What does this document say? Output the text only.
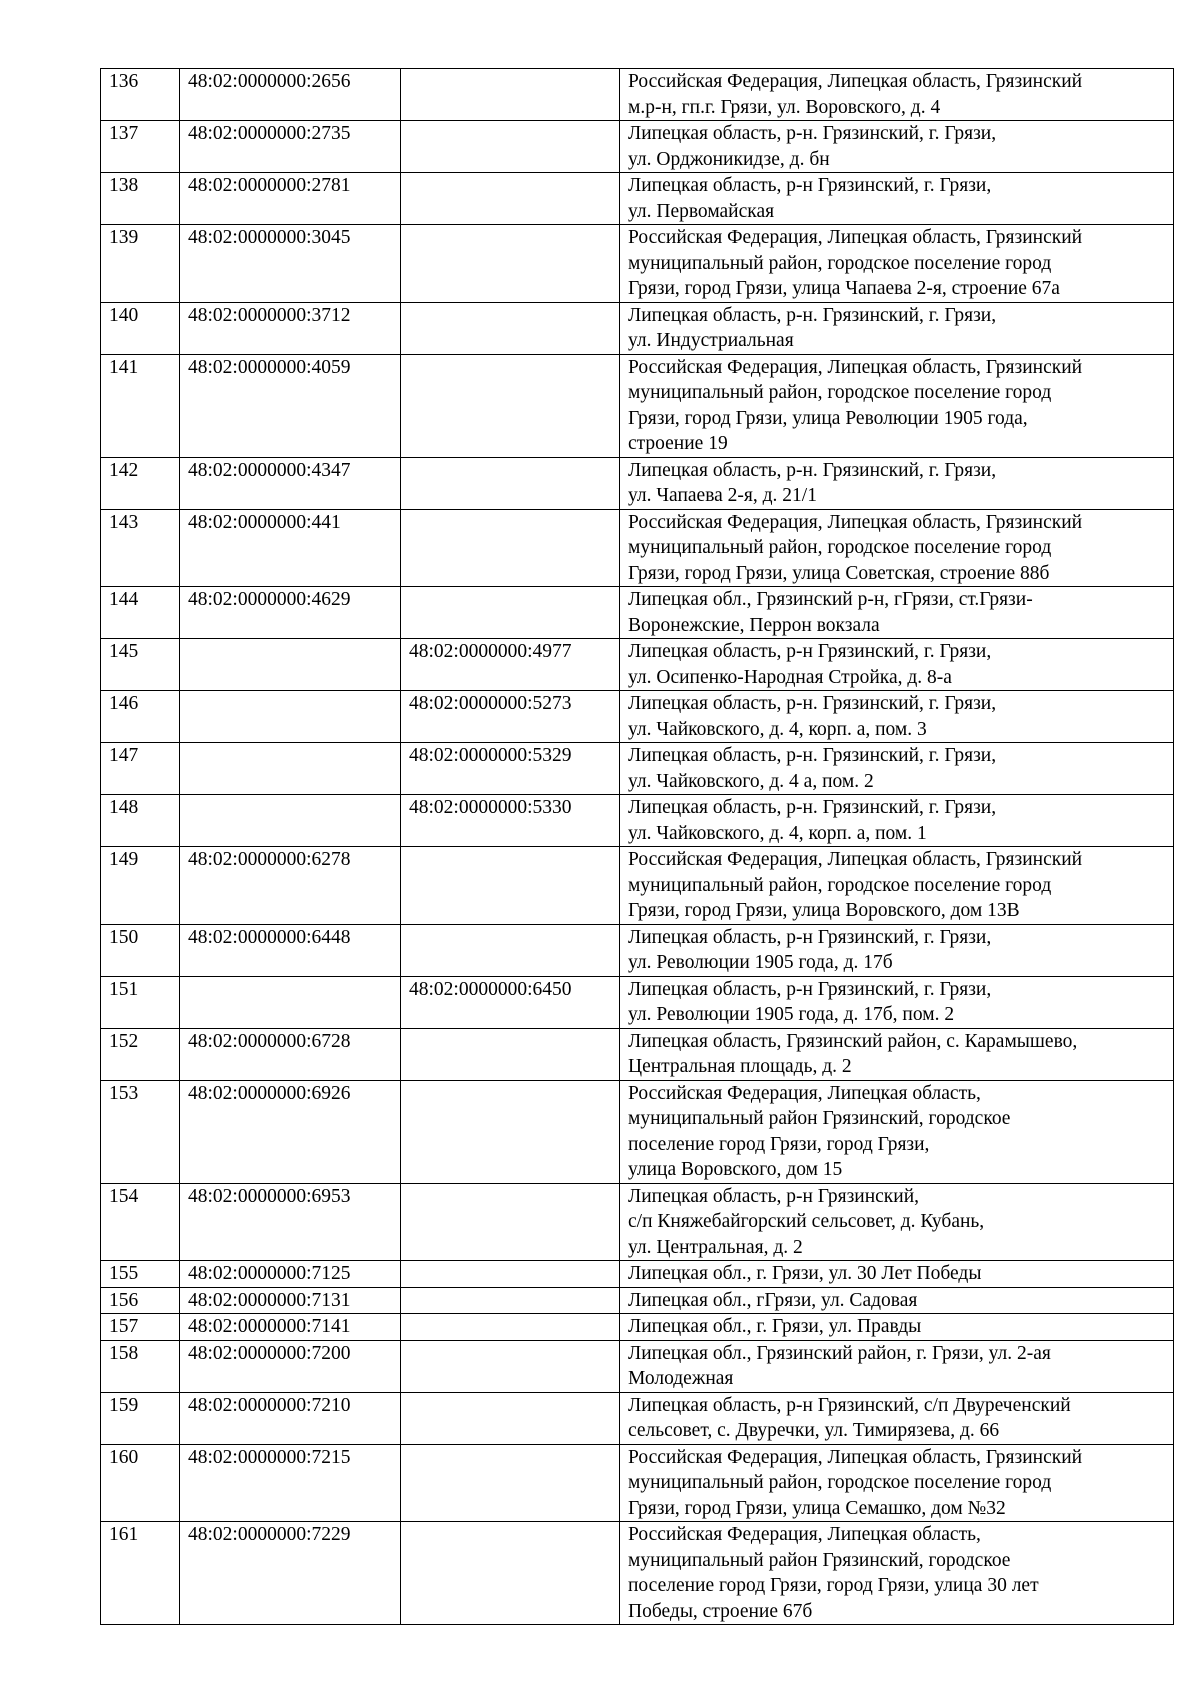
136	48:02:0000000:2656		Российская Федерация, Липецкая область, Грязинский
м.р-н, гп.г. Грязи, ул. Воровского, д. 4

137	48:02:0000000:2735		Липецкая область, р-н. Грязинский, г. Грязи,
ул. Орджоникидзе, д. бн

138	48:02:0000000:2781		Липецкая область, р-н Грязинский, г. Грязи,
ул. Первомайская

139	48:02:0000000:3045		Российская Федерация, Липецкая область, Грязинский
муниципальный район, городское поселение город
Грязи, город Грязи, улица Чапаева 2-я, строение 67а

140	48:02:0000000:3712		Липецкая область, р-н. Грязинский, г. Грязи,
ул. Индустриальная

141	48:02:0000000:4059		Российская Федерация, Липецкая область, Грязинский
муниципальный район, городское поселение город
Грязи, город Грязи, улица Революции 1905 года,
строение 19

142	48:02:0000000:4347		Липецкая область, р-н. Грязинский, г. Грязи,
ул. Чапаева 2-я, д. 21/1

143	48:02:0000000:441		Российская Федерация, Липецкая область, Грязинский
муниципальный район, городское поселение город
Грязи, город Грязи, улица Советская, строение 88б

144	48:02:0000000:4629		Липецкая обл., Грязинский р-н, гГрязи, ст.Грязи-
Воронежские, Перрон вокзала

145		48:02:0000000:4977	Липецкая область, р-н Грязинский, г. Грязи,
ул. Осипенко-Народная Стройка, д. 8-а

146		48:02:0000000:5273	Липецкая область, р-н. Грязинский, г. Грязи,
ул. Чайковского, д. 4, корп. а, пом. 3

147		48:02:0000000:5329	Липецкая область, р-н. Грязинский, г. Грязи,
ул. Чайковского, д. 4 а, пом. 2

148		48:02:0000000:5330	Липецкая область, р-н. Грязинский, г. Грязи,
ул. Чайковского, д. 4, корп. а, пом. 1

149	48:02:0000000:6278		Российская Федерация, Липецкая область, Грязинский
муниципальный район, городское поселение город
Грязи, город Грязи, улица Воровского, дом 13В

150	48:02:0000000:6448		Липецкая область, р-н Грязинский, г. Грязи,
ул. Революции 1905 года, д. 17б

151		48:02:0000000:6450	Липецкая область, р-н Грязинский, г. Грязи,
ул. Революции 1905 года, д. 17б, пом. 2

152	48:02:0000000:6728		Липецкая область, Грязинский район, с. Карамышево,
Центральная площадь, д. 2

153	48:02:0000000:6926		Российская Федерация, Липецкая область,
муниципальный район Грязинский, городское
поселение город Грязи, город Грязи,
улица Воровского, дом 15

154	48:02:0000000:6953		Липецкая область, р-н Грязинский,
с/п Княжебайгорский сельсовет, д. Кубань,
ул. Центральная, д. 2

155	48:02:0000000:7125		Липецкая обл., г. Грязи, ул. 30 Лет Победы

156	48:02:0000000:7131		Липецкая обл., гГрязи, ул. Садовая

157	48:02:0000000:7141		Липецкая обл., г. Грязи, ул. Правды

158	48:02:0000000:7200		Липецкая обл., Грязинский район, г. Грязи, ул. 2-ая
Молодежная

159	48:02:0000000:7210		Липецкая область, р-н Грязинский, с/п Двуреченский
сельсовет, с. Двуречки, ул. Тимирязева, д. 66

160	48:02:0000000:7215		Российская Федерация, Липецкая область, Грязинский
муниципальный район, городское поселение город
Грязи, город Грязи, улица Семашко, дом №32

161	48:02:0000000:7229		Российская Федерация, Липецкая область,
муниципальный район Грязинский, городское
поселение город Грязи, город Грязи, улица 30 лет
Победы, строение 67б
